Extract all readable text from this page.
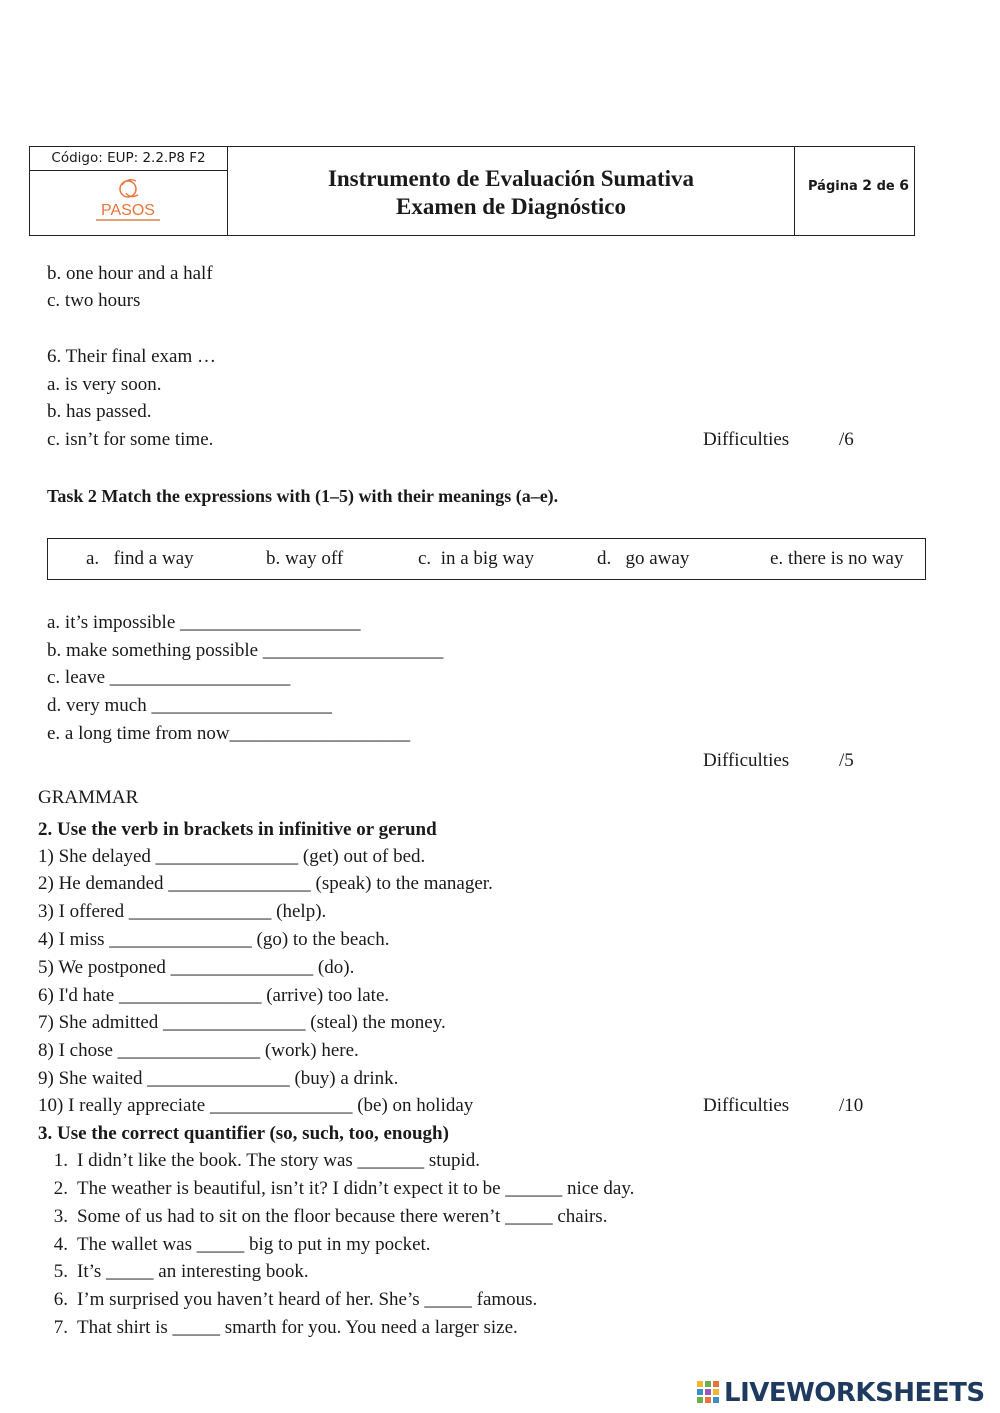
Código: EUP: 2.2.P8 F2
PASOS
Instrumento de Evaluación Sumativa
Examen de Diagnóstico
Página 2 de 6
b. one hour and a half
c. two hours
6. Their final exam …
a. is very soon.
b. has passed.
c. isn’t for some time.	Difficulties	/6
Task 2 Match the expressions with (1–5) with their meanings (a–e).
a. find a way	b. way off	c. in a big way	d. go away	e. there is no way
a. it’s impossible ___________________
b. make something possible ___________________
c. leave ___________________
d. very much ___________________
e. a long time from now___________________
Difficulties	/5
GRAMMAR
2. Use the verb in brackets in infinitive or gerund
1) She delayed _______________ (get) out of bed.
2) He demanded _______________ (speak) to the manager.
3) I offered _______________ (help).
4) I miss _______________ (go) to the beach.
5) We postponed _______________ (do).
6) I'd hate _______________ (arrive) too late.
7) She admitted _______________ (steal) the money.
8) I chose _______________ (work) here.
9) She waited _______________ (buy) a drink.
10) I really appreciate _______________ (be) on holiday	Difficulties	/10
3. Use the correct quantifier (so, such, too, enough)
1. I didn’t like the book. The story was _______ stupid.
2. The weather is beautiful, isn’t it? I didn’t expect it to be ______ nice day.
3. Some of us had to sit on the floor because there weren’t _____ chairs.
4. The wallet was _____ big to put in my pocket.
5. It’s _____ an interesting book.
6. I’m surprised you haven’t heard of her. She’s _____ famous.
7. That shirt is _____ smarth for you. You need a larger size.
LIVEWORKSHEETS
